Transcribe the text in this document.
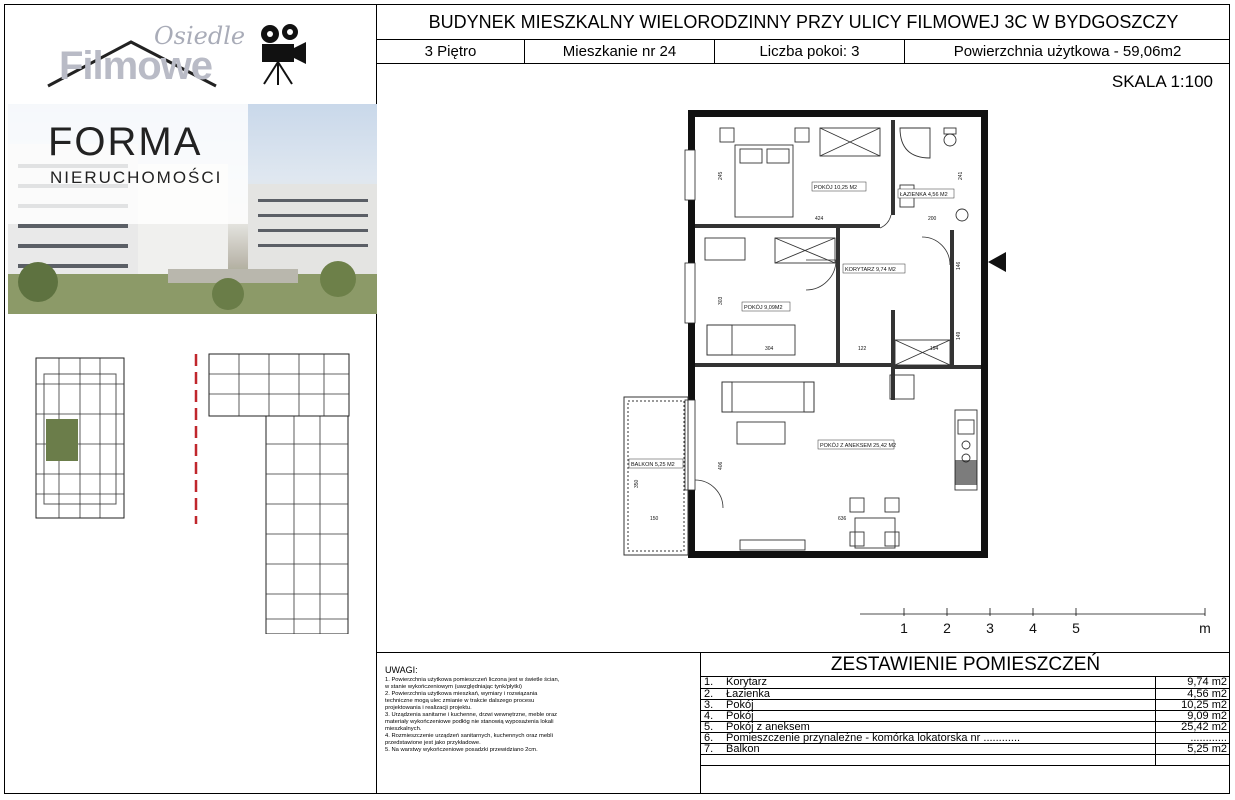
Osiedle
Filmowe
FORMA
NIERUCHOMOŚCI
BUDYNEK MIESZKALNY WIELORODZINNY PRZY ULICY FILMOWEJ 3C W BYDGOSZCZY
3 Piętro	Mieszkanie nr 24	Liczba pokoi: 3	Powierzchnia użytkowa - 59,06m2
SKALA 1:100
245
424
241
200
146
303
149
304	122	194
406
350
150	636
POKÓJ 10,25 M2
ŁAZIENKA 4,56 M2
KORYTARZ 9,74 M2
POKÓJ 9,09M2
POKÓJ Z ANEKSEM 25,42 M2
BALKON 5,25 M2
1	2	3	4	5	m
UWAGI:
1. Powierzchnia użytkowa pomieszczeń liczona jest w świetle ścian, w stanie wykończeniowym (uwzględniając tynk/płytki)
2. Powierzchnia użytkowa mieszkań, wymiary i rozwiązania techniczne mogą ulec zmianie w trakcie dalszego procesu projektowania i realizacji projektu.
3. Urządzenia sanitarne i kuchenne, drzwi wewnętrzne, meble oraz materiały wykończeniowe podłóg nie stanowią wyposażenia lokali mieszkalnych.
4. Rozmieszczenie urządzeń sanitarnych, kuchennych oraz mebli przedstawione jest jako przykładowe.
5. Na warstwy wykończeniowe posadzki przewidziano 2cm.
ZESTAWIENIE POMIESZCZEŃ
1.	Korytarz	9,74 m2
2.	Łazienka	4,56 m2
3.	Pokój	10,25 m2
4.	Pokój	9,09 m2
5.	Pokój z aneksem	25,42 m2
6.	Pomieszczenie przynależne - komórka lokatorska nr ............	............
7.	Balkon	5,25 m2
